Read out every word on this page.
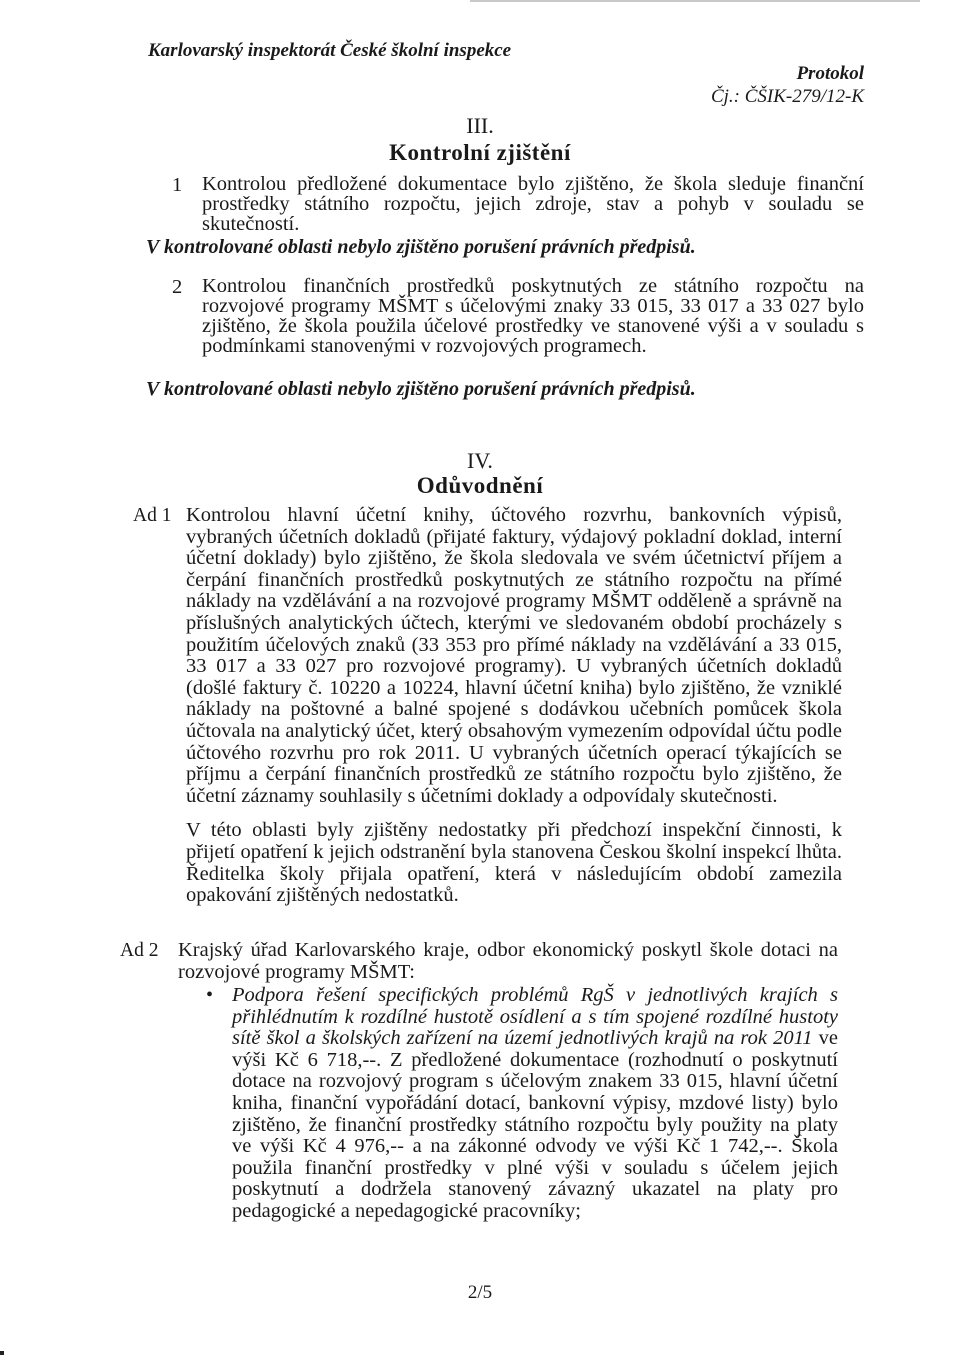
Karlovarský inspektorát České školní inspekce
Protokol
Čj.: ČŠIK-279/12-K
III.
Kontrolní zjištění
1 Kontrolou předložené dokumentace bylo zjištěno, že škola sleduje finanční prostředky státního rozpočtu, jejich zdroje, stav a pohyb v souladu se skutečností.
V kontrolované oblasti nebylo zjištěno porušení právních předpisů.
2 Kontrolou finančních prostředků poskytnutých ze státního rozpočtu na rozvojové programy MŠMT s účelovými znaky 33 015, 33 017 a 33 027 bylo zjištěno, že škola použila účelové prostředky ve stanovené výši a v souladu s podmínkami stanovenými v rozvojových programech.
V kontrolované oblasti nebylo zjištěno porušení právních předpisů.
IV.
Odůvodnění
Ad 1 Kontrolou hlavní účetní knihy, účtového rozvrhu, bankovních výpisů, vybraných účetních dokladů (přijaté faktury, výdajový pokladní doklad, interní účetní doklady) bylo zjištěno, že škola sledovala ve svém účetnictví příjem a čerpání finančních prostředků poskytnutých ze státního rozpočtu na přímé náklady na vzdělávání a na rozvojové programy MŠMT odděleně a správně na příslušných analytických účtech, kterými ve sledovaném období procházely s použitím účelových znaků (33 353 pro přímé náklady na vzdělávání a 33 015, 33 017 a 33 027 pro rozvojové programy). U vybraných účetních dokladů (došlé faktury č. 10220 a 10224, hlavní účetní kniha) bylo zjištěno, že vzniklé náklady na poštovné a balné spojené s dodávkou učebních pomůcek škola účtovala na analytický účet, který obsahovým vymezením odpovídal účtu podle účtového rozvrhu pro rok 2011. U vybraných účetních operací týkajících se příjmu a čerpání finančních prostředků ze státního rozpočtu bylo zjištěno, že účetní záznamy souhlasily s účetními doklady a odpovídaly skutečnosti.

V této oblasti byly zjištěny nedostatky při předchozí inspekční činnosti, k přijetí opatření k jejich odstranění byla stanovena Českou školní inspekcí lhůta. Ředitelka školy přijala opatření, která v následujícím období zamezila opakování zjištěných nedostatků.

Ad 2 Krajský úřad Karlovarského kraje, odbor ekonomický poskytl škole dotaci na rozvojové programy MŠMT:
• Podpora řešení specifických problémů RgŠ v jednotlivých krajích s přihlédnutím k rozdílné hustotě osídlení a s tím spojené rozdílné hustoty sítě škol a školských zařízení na území jednotlivých krajů na rok 2011 ve výši Kč 6 718,--. Z předložené dokumentace (rozhodnutí o poskytnutí dotace na rozvojový program s účelovým znakem 33 015, hlavní účetní kniha, finanční vypořádání dotací, bankovní výpisy, mzdové listy) bylo zjištěno, že finanční prostředky státního rozpočtu byly použity na platy ve výši Kč 4 976,-- a na zákonné odvody ve výši Kč 1 742,--. Škola použila finanční prostředky v plné výši v souladu s účelem jejich poskytnutí a dodržela stanovený závazný ukazatel na platy pro pedagogické a nepedagogické pracovníky;
2/5
